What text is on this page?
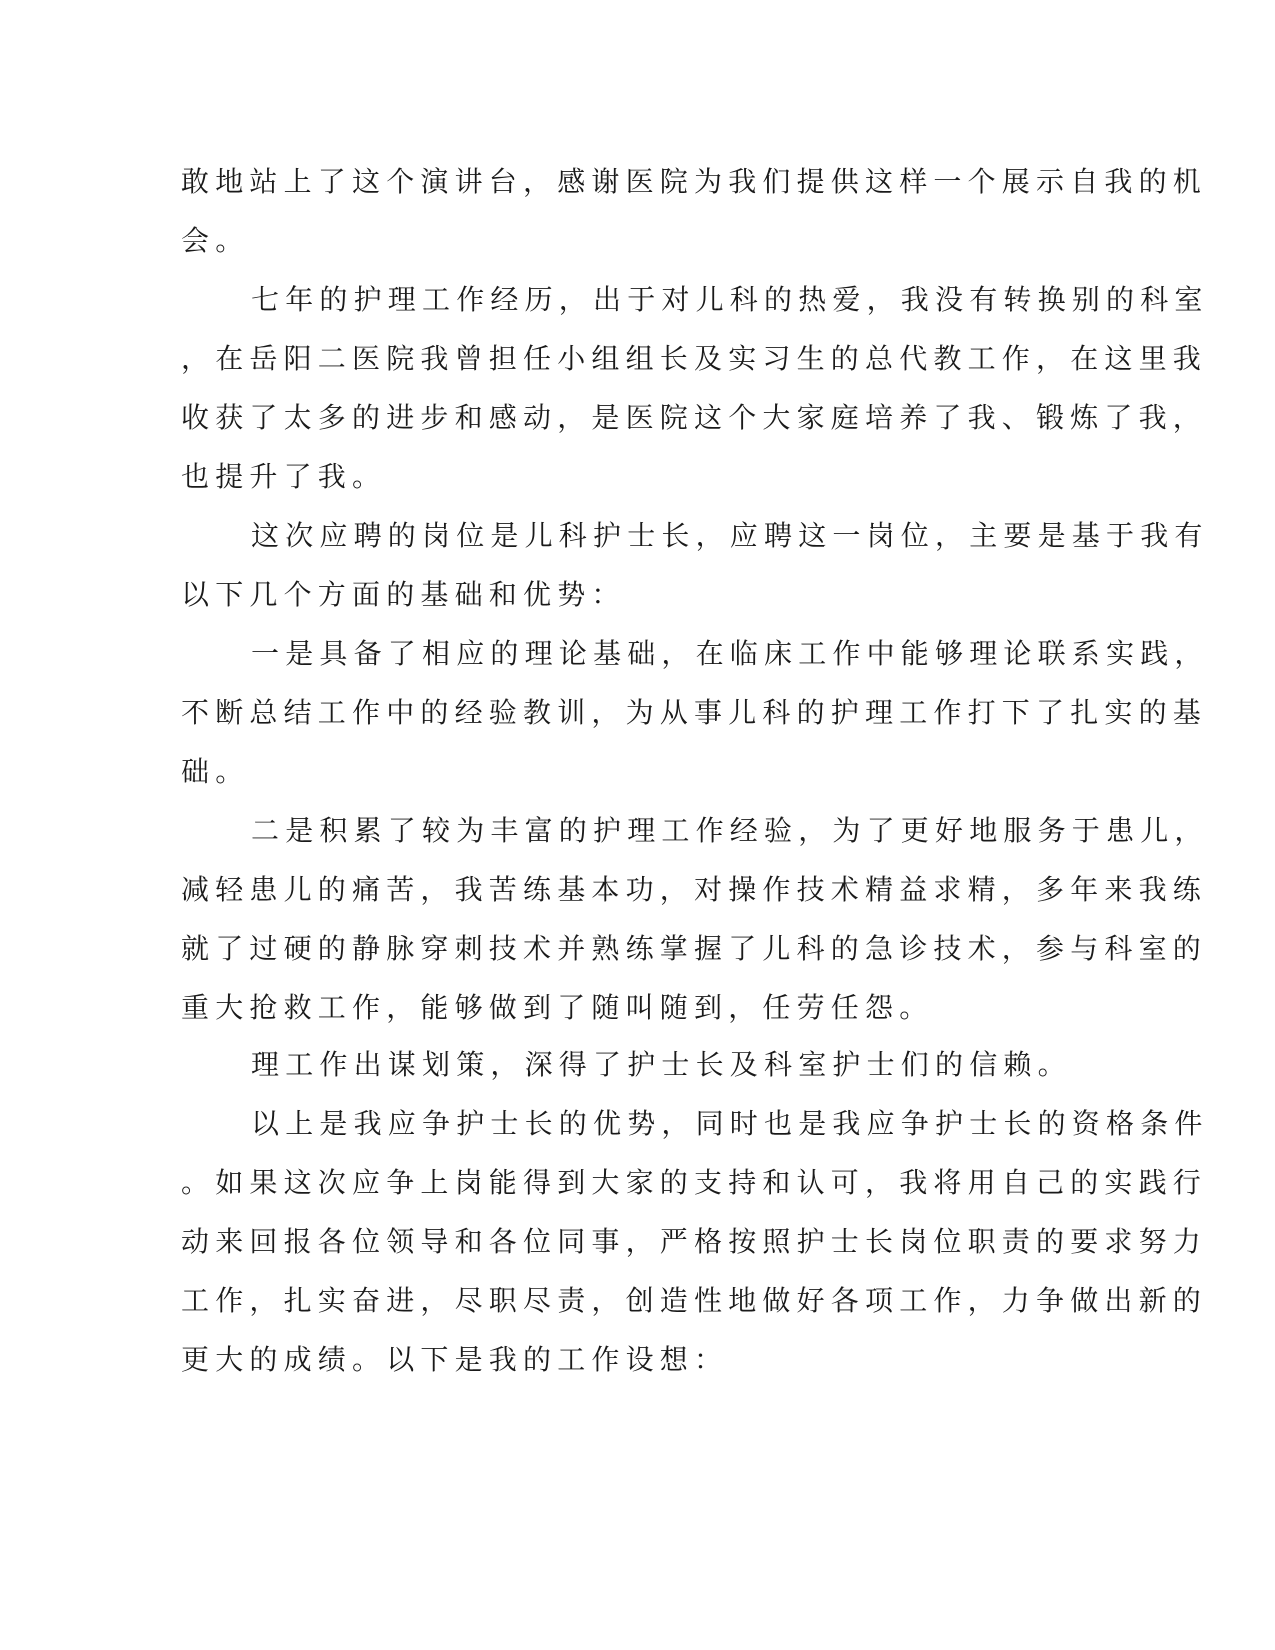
敢地站上了这个演讲台，感谢医院为我们提供这样一个展示自我的机
会。
七年的护理工作经历，出于对儿科的热爱，我没有转换别的科室
，在岳阳二医院我曾担任小组组长及实习生的总代教工作，在这里我
收获了太多的进步和感动，是医院这个大家庭培养了我、锻炼了我，
也提升了我。
这次应聘的岗位是儿科护士长，应聘这一岗位，主要是基于我有
以下几个方面的基础和优势：
一是具备了相应的理论基础，在临床工作中能够理论联系实践，
不断总结工作中的经验教训，为从事儿科的护理工作打下了扎实的基
础。
二是积累了较为丰富的护理工作经验，为了更好地服务于患儿，
减轻患儿的痛苦，我苦练基本功，对操作技术精益求精，多年来我练
就了过硬的静脉穿刺技术并熟练掌握了儿科的急诊技术，参与科室的
重大抢救工作，能够做到了随叫随到，任劳任怨。
理工作出谋划策，深得了护士长及科室护士们的信赖。
以上是我应争护士长的优势，同时也是我应争护士长的资格条件
。如果这次应争上岗能得到大家的支持和认可，我将用自己的实践行
动来回报各位领导和各位同事，严格按照护士长岗位职责的要求努力
工作，扎实奋进，尽职尽责，创造性地做好各项工作，力争做出新的
更大的成绩。以下是我的工作设想：
